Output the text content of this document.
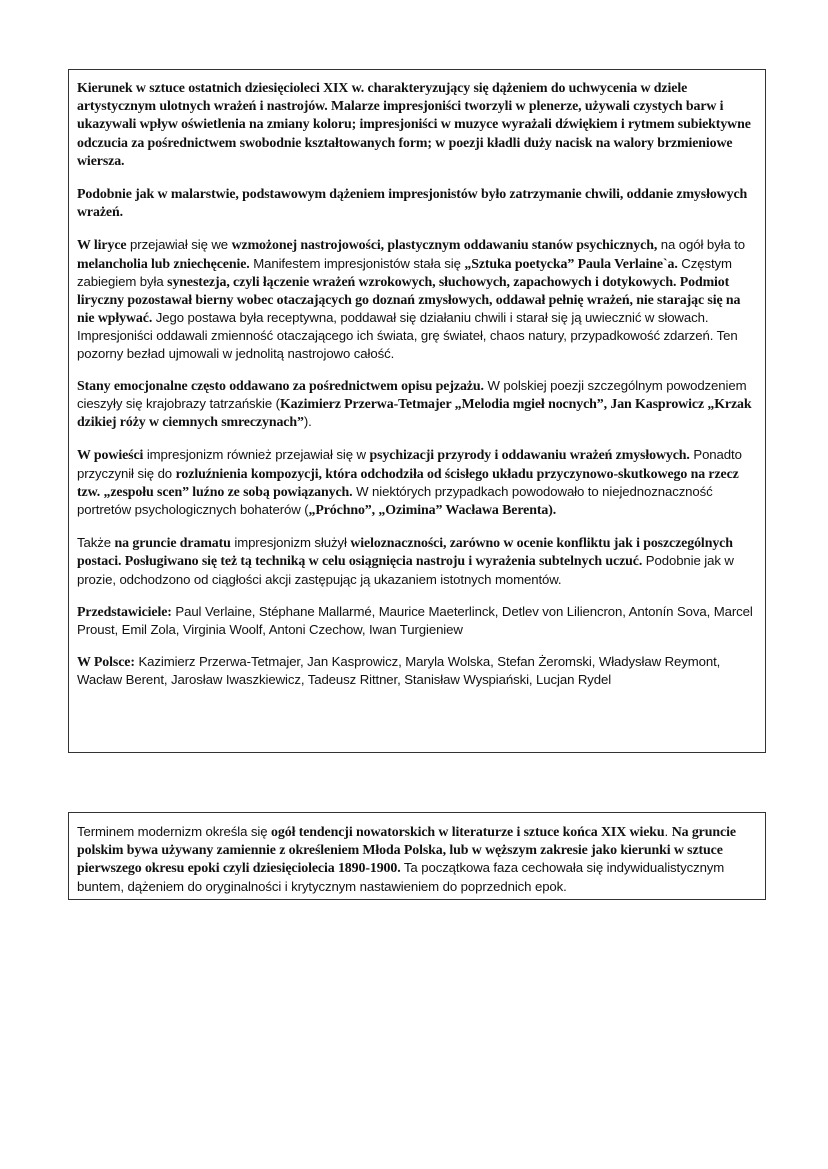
Kierunek w sztuce ostatnich dziesięcioleci XIX w. charakteryzujący się dążeniem do uchwycenia w dziele artystycznym ulotnych wrażeń i nastrojów. Malarze impresjoniści tworzyli w plenerze, używali czystych barw i ukazywali wpływ oświetlenia na zmiany koloru; impresjoniści w muzyce wyrażali dźwiękiem i rytmem subiektywne odczucia za pośrednictwem swobodnie kształtowanych form; w poezji kładli duży nacisk na walory brzmieniowe wiersza.

Podobnie jak w malarstwie, podstawowym dążeniem impresjonistów było zatrzymanie chwili, oddanie zmysłowych wrażeń.

W liryce przejawiał się we wzmożonej nastrojowości, plastycznym oddawaniu stanów psychicznych, na ogół była to melancholia lub zniechęcenie. Manifestem impresjonistów stała się „Sztuka poetycka” Paula Verlaine`a. Częstym zabiegiem była synestezja, czyli łączenie wrażeń wzrokowych, słuchowych, zapachowych i dotykowych. Podmiot liryczny pozostawał bierny wobec otaczających go doznań zmysłowych, oddawał pełnię wrażeń, nie starając się na nie wpływać. Jego postawa była receptywna, poddawał się działaniu chwili i starał się ją uwiecznić w słowach. Impresjoniści oddawali zmienność otaczającego ich świata, grę świateł, chaos natury, przypadkowość zdarzeń. Ten pozorny bezład ujmowali w jednolitą nastrojowo całość.

Stany emocjonalne często oddawano za pośrednictwem opisu pejzażu. W polskiej poezji szczególnym powodzeniem cieszyły się krajobrazy tatrzańskie (Kazimierz Przerwa-Tetmajer „Melodia mgieł nocnych”, Jan Kasprowicz „Krzak dzikiej róży w ciemnych smreczynach”).

W powieści impresjonizm również przejawiał się w psychizacji przyrody i oddawaniu wrażeń zmysłowych. Ponadto przyczynił się do rozluźnienia kompozycji, która odchodziła od ścisłego układu przyczynowo-skutkowego na rzecz tzw. „zespołu scen” luźno ze sobą powiązanych. W niektórych przypadkach powodowało to niejednoznaczność portretów psychologicznych bohaterów („Próchno”, „Ozimina” Wacława Berenta).

Także na gruncie dramatu impresjonizm służył wieloznaczności, zarówno w ocenie konfliktu jak i poszczególnych postaci. Posługiwano się też tą techniką w celu osiągnięcia nastroju i wyrażenia subtelnych uczuć. Podobnie jak w prozie, odchodzono od ciągłości akcji zastępując ją ukazaniem istotnych momentów.

Przedstawiciele: Paul Verlaine, Stéphane Mallarmé, Maurice Maeterlinck, Detlev von Liliencron, Antonín Sova, Marcel Proust, Emil Zola, Virginia Woolf, Antoni Czechow, Iwan Turgieniew

W Polsce: Kazimierz Przerwa-Tetmajer, Jan Kasprowicz, Maryla Wolska, Stefan Żeromski, Władysław Reymont, Wacław Berent, Jarosław Iwaszkiewicz, Tadeusz Rittner, Stanisław Wyspiański, Lucjan Rydel

Terminem modernizm określa się ogół tendencji nowatorskich w literaturze i sztuce końca XIX wieku. Na gruncie polskim bywa używany zamiennie z określeniem Młoda Polska, lub w węższym zakresie jako kierunki w sztuce pierwszego okresu epoki czyli dziesięciolecia 1890-1900. Ta początkowa faza cechowała się indywidualistycznym buntem, dążeniem do oryginalności i krytycznym nastawieniem do poprzednich epok.
